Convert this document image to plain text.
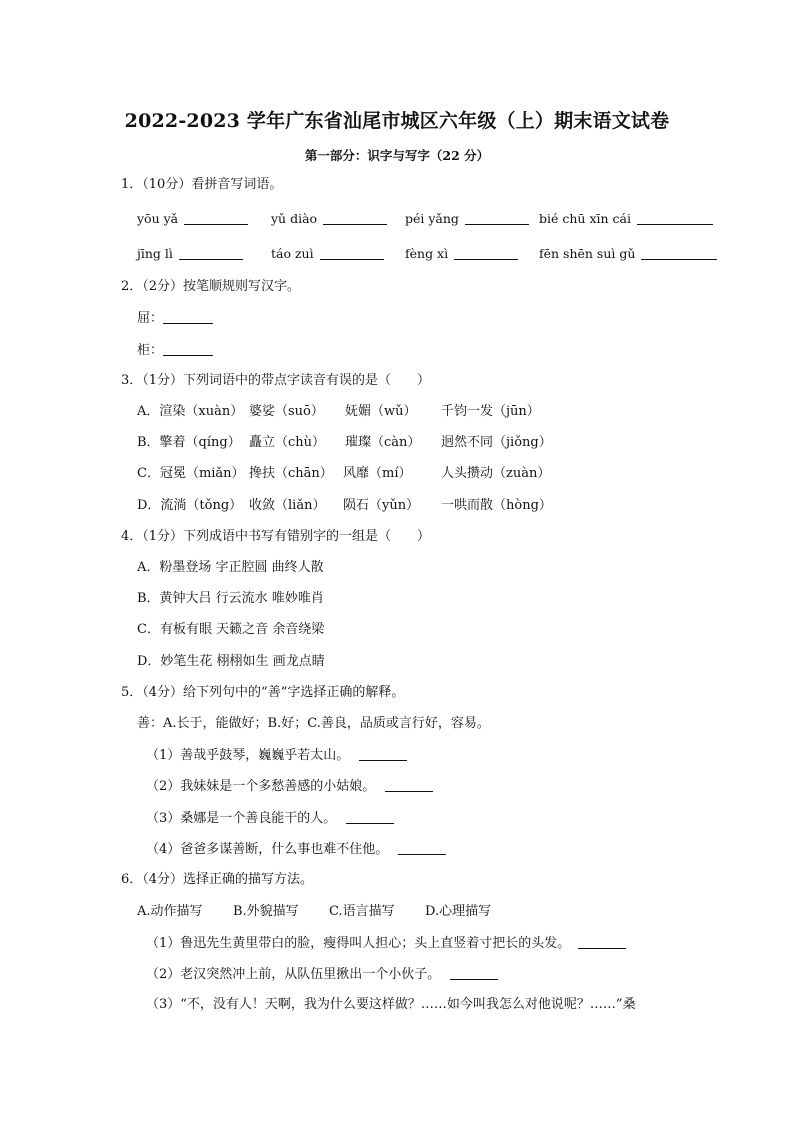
2022-2023 学年广东省汕尾市城区六年级（上）期末语文试卷
第一部分：识字与写字（22 分）
1．（10分）看拼音写词语。
yōu yǎ	yǔ diào	péi yǎng	bié chū xīn cái
jīng lì	táo zuì	fèng xì	fēn shēn suì gǔ
2．（2分）按笔顺规则写汉字。
屈：
柜：
3．（1分）下列词语中的带点字读音有误的是（　　）
A．渲染（xuàn） 婆娑（suō） 妩媚（wǔ） 千钧一发（jūn）
B．擎着（qíng） 矗立（chù） 璀璨（càn） 迥然不同（jiǒng）
C．冠冕（miǎn） 搀扶（chān） 风靡（mí） 人头攒动（zuàn）
D．流淌（tǒng） 收敛（liǎn） 陨石（yǔn） 一哄而散（hòng）
4．（1分）下列成语中书写有错别字的一组是（　　）
A．粉墨登场 字正腔圆 曲终人散
B．黄钟大吕 行云流水 唯妙唯肖
C．有板有眼 天籁之音 余音绕梁
D．妙笔生花 栩栩如生 画龙点睛
5．（4分）给下列句中的“善”字选择正确的解释。
善：A.长于，能做好；B.好；C.善良，品质或言行好，容易。
（1）善哉乎鼓琴，巍巍乎若太山。
（2）我妹妹是一个多愁善感的小姑娘。
（3）桑娜是一个善良能干的人。
（4）爸爸多谋善断，什么事也难不住他。
6．（4分）选择正确的描写方法。
A.动作描写 B.外貌描写 C.语言描写 D.心理描写
（1）鲁迅先生黄里带白的脸，瘦得叫人担心；头上直竖着寸把长的头发。
（2）老汉突然冲上前，从队伍里揪出一个小伙子。
（3）“不，没有人！天啊，我为什么要这样做？……如今叫我怎么对他说呢？……”桑
